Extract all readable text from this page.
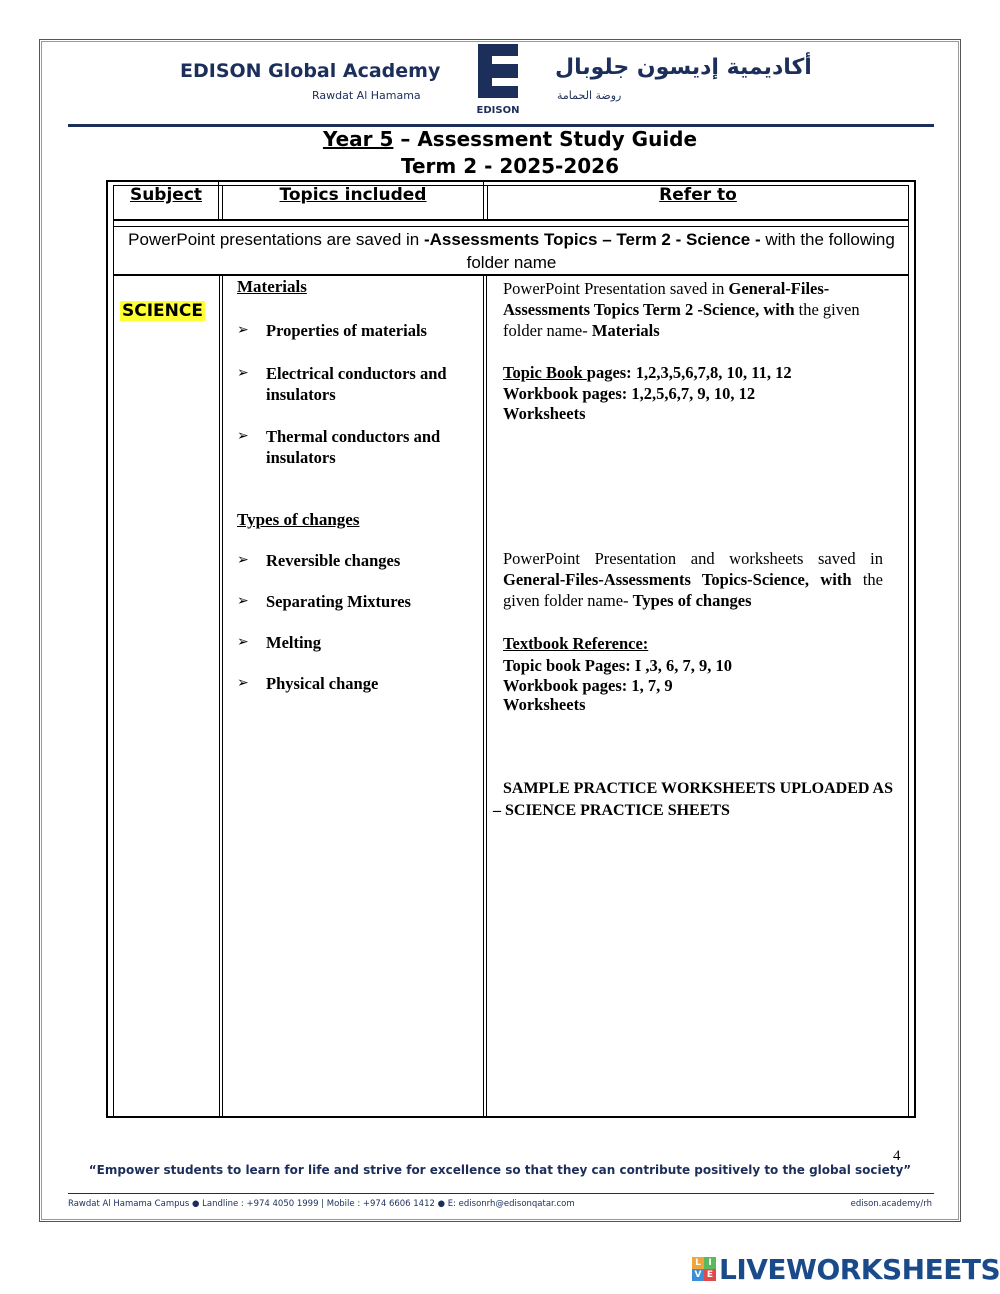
EDISON Global Academy
Rawdat Al Hamama
EDISON
أكاديمية إديسون جلوبال
روضة الحمامة
Year 5 – Assessment Study Guide
Term 2 - 2025-2026
Subject	Topics included	Refer to
PowerPoint presentations are saved in -Assessments Topics – Term 2 - Science - with the following folder name
SCIENCE
Materials
➢	Properties of materials
➢	Electrical conductors and insulators
➢	Thermal conductors and insulators
Types of changes
➢	Reversible changes
➢	Separating Mixtures
➢	Melting
➢	Physical change
PowerPoint Presentation saved in General-Files- Assessments Topics Term 2 -Science, with the given folder name- Materials
Topic Book pages: 1,2,3,5,6,7,8, 10, 11, 12
Workbook pages: 1,2,5,6,7, 9, 10, 12
Worksheets
PowerPoint Presentation and worksheets saved in General-Files-Assessments Topics-Science, with the given folder name- Types of changes
Textbook Reference:
Topic book Pages: I ,3, 6, 7, 9, 10
Workbook pages: 1, 7, 9
Worksheets
SAMPLE PRACTICE WORKSHEETS UPLOADED AS
– SCIENCE PRACTICE SHEETS
4
“Empower students to learn for life and strive for excellence so that they can contribute positively to the global society”
Rawdat Al Hamama Campus ● Landline : +974 4050 1999 | Mobile : +974 6606 1412 ● E: edisonrh@edisonqatar.com	edison.academy/rh
L I
V E LIVEWORKSHEETS
